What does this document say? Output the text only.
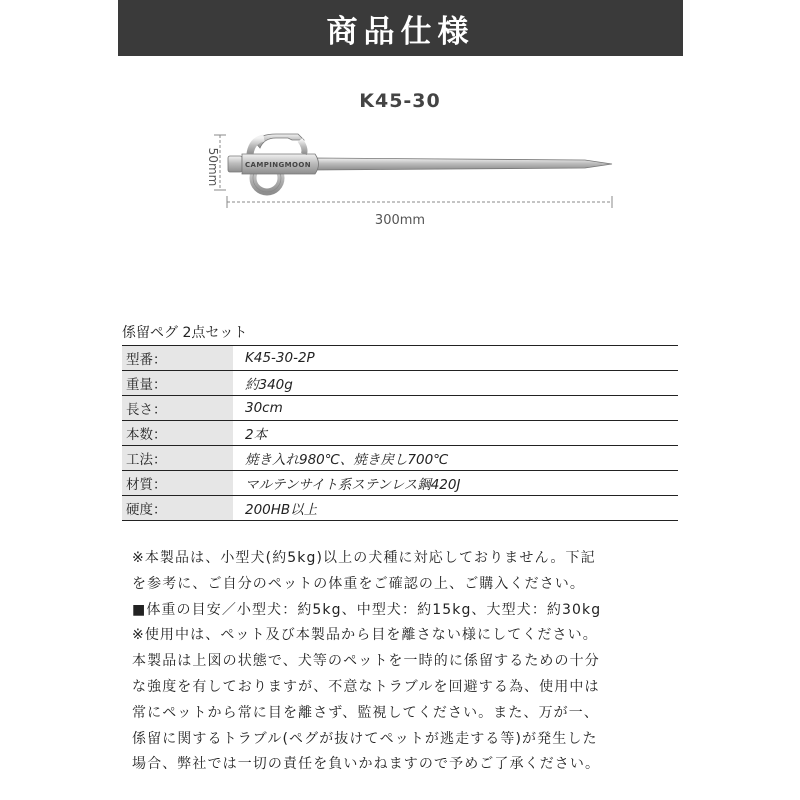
商品仕様
K45-30
CAMPINGMOON
50mm
300mm
係留ペグ 2点セット
型番：	K45-30-2P
重量：	約340g
長さ：	30cm
本数：	2本
工法：	焼き入れ980℃、焼き戻し700℃
材質：	マルテンサイト系ステンレス鋼420J
硬度：	200HB以上

※本製品は、小型犬(約5kg)以上の犬種に対応しておりません。下記

を参考に、ご自分のペットの体重をご確認の上、ご購入ください。

■体重の目安／小型犬：約5kg、中型犬：約15kg、大型犬：約30kg

※使用中は、ペット及び本製品から目を離さない様にしてください。

本製品は上図の状態で、犬等のペットを一時的に係留するための十分

な強度を有しておりますが、不意なトラブルを回避する為、使用中は

常にペットから常に目を離さず、監視してください。また、万が一、

係留に関するトラブル(ペグが抜けてペットが逃走する等)が発生した

場合、弊社では一切の責任を負いかねますので予めご了承ください。
